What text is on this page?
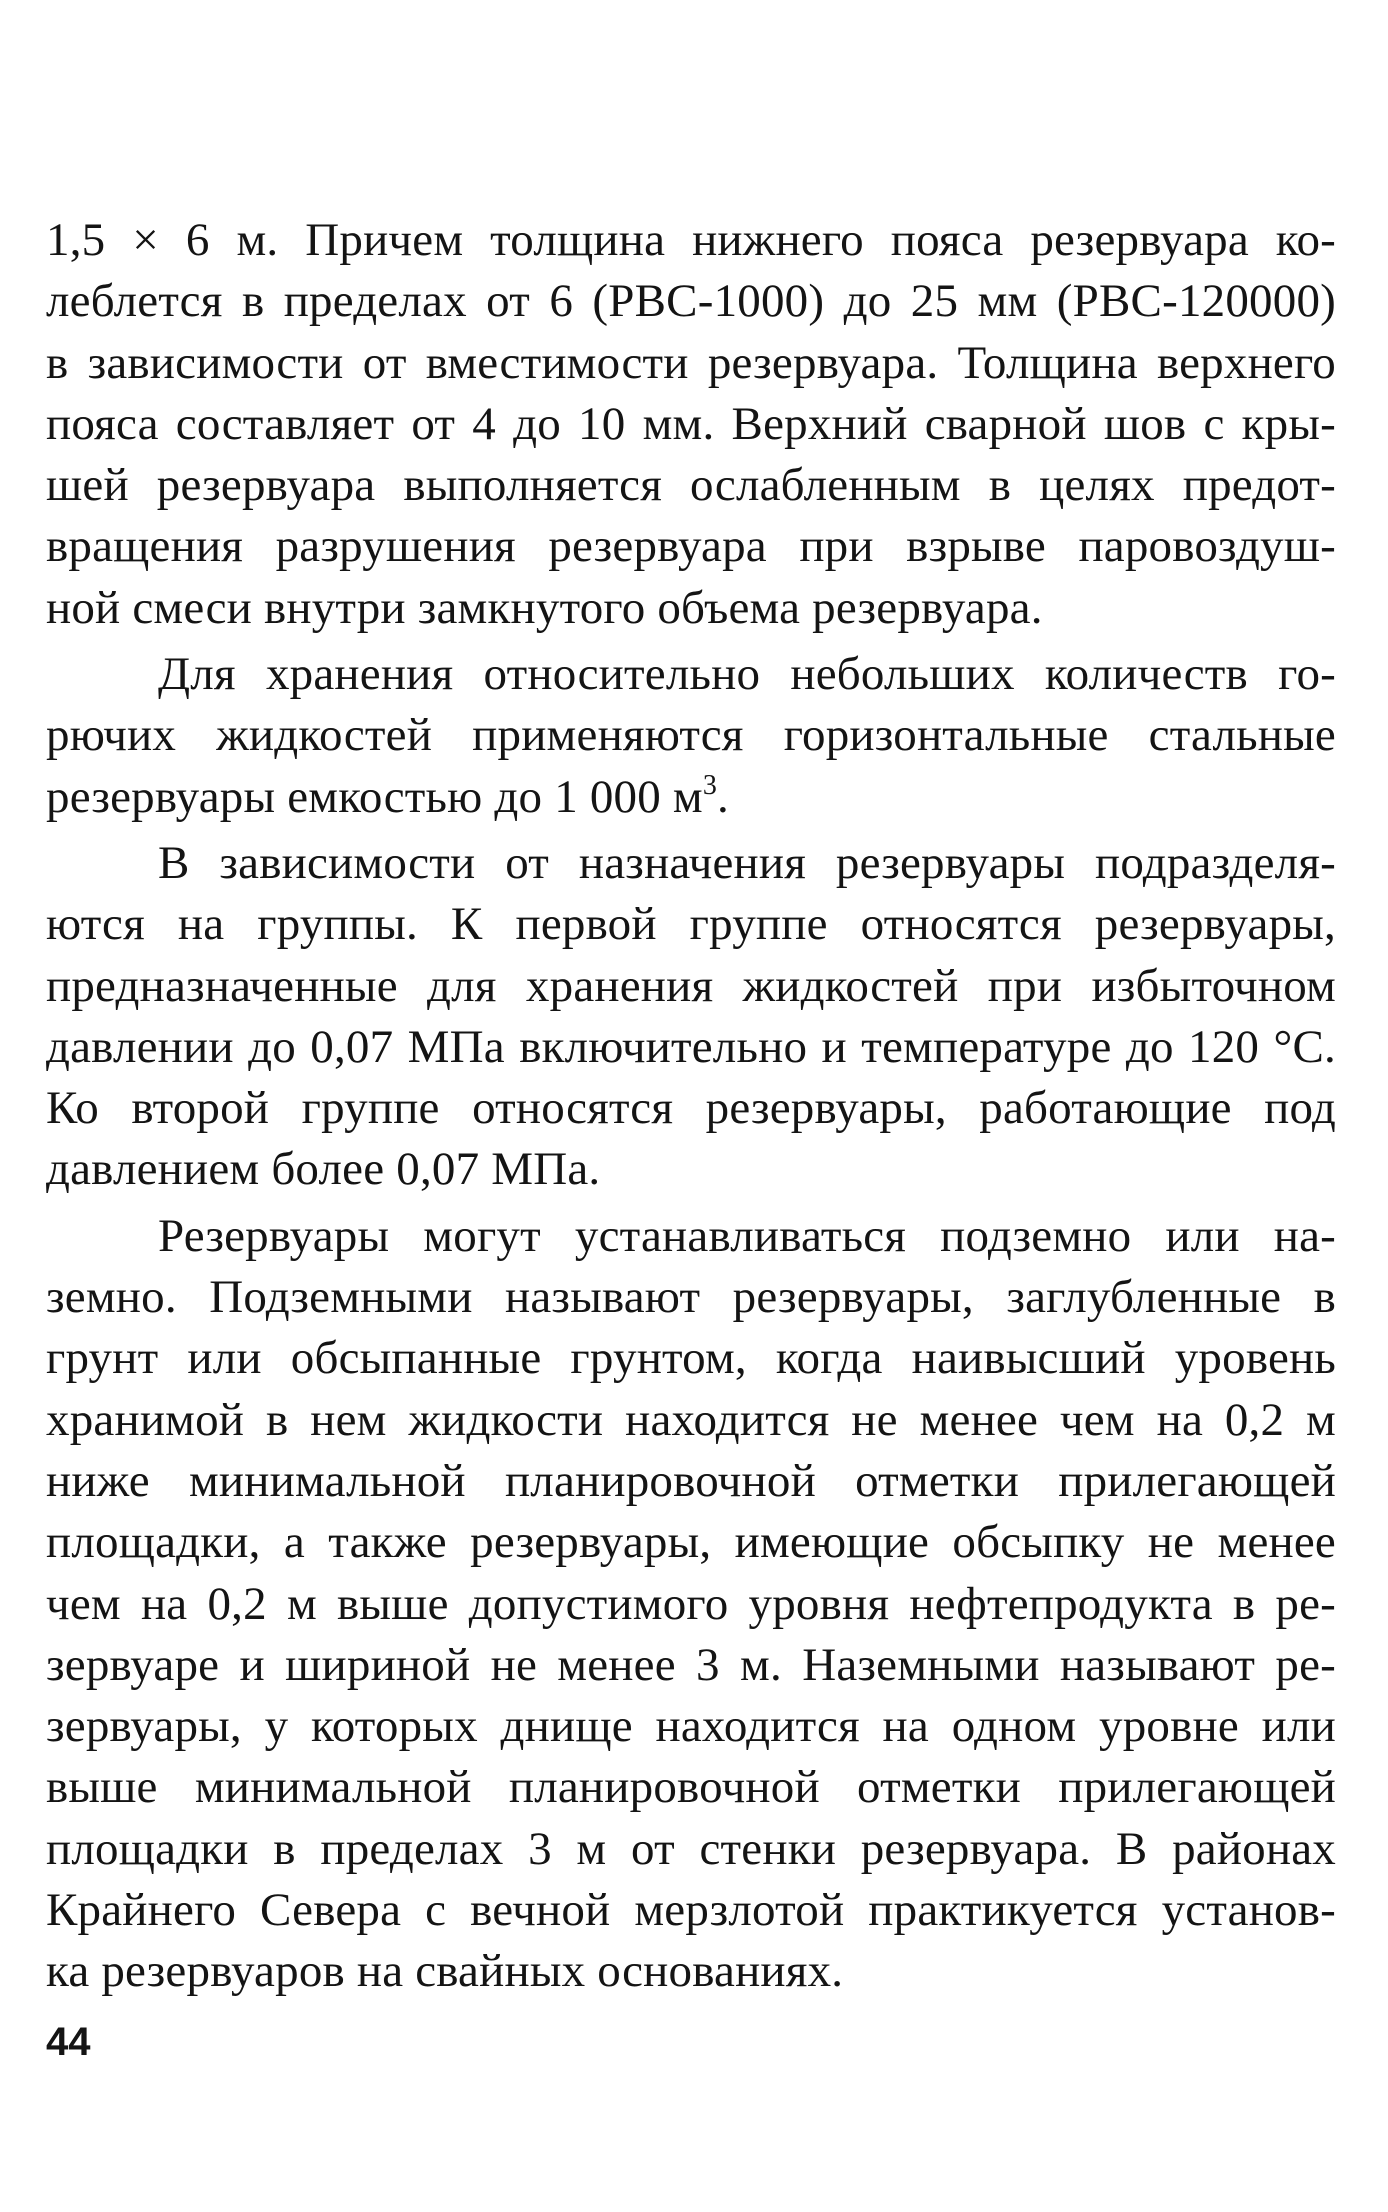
1,5 × 6 м. Причем толщина нижнего пояса резервуара ко-
леблется в пределах от 6 (РВС-1000) до 25 мм (РВС-120000)
в зависимости от вместимости резервуара. Толщина верхнего
пояса составляет от 4 до 10 мм. Верхний сварной шов с кры-
шей резервуара выполняется ослабленным в целях предот-
вращения разрушения резервуара при взрыве паровоздуш-
ной смеси внутри замкнутого объема резервуара.
Для хранения относительно небольших количеств го-
рючих жидкостей применяются горизонтальные стальные
резервуары емкостью до 1 000 $м^3$.
В зависимости от назначения резервуары подразделя-
ются на группы. К первой группе относятся резервуары,
предназначенные для хранения жидкостей при избыточном
давлении до 0,07 МПа включительно и температуре до 120 °С.
Ко второй группе относятся резервуары, работающие под
давлением более 0,07 МПа.
Резервуары могут устанавливаться подземно или на-
земно. Подземными называют резервуары, заглубленные в
грунт или обсыпанные грунтом, когда наивысший уровень
хранимой в нем жидкости находится не менее чем на 0,2 м
ниже минимальной планировочной отметки прилегающей
площадки, а также резервуары, имеющие обсыпку не менее
чем на 0,2 м выше допустимого уровня нефтепродукта в ре-
зервуаре и шириной не менее 3 м. Наземными называют ре-
зервуары, у которых днище находится на одном уровне или
выше минимальной планировочной отметки прилегающей
площадки в пределах 3 м от стенки резервуара. В районах
Крайнего Севера с вечной мерзлотой практикуется установ-
ка резервуаров на свайных основаниях.
44
